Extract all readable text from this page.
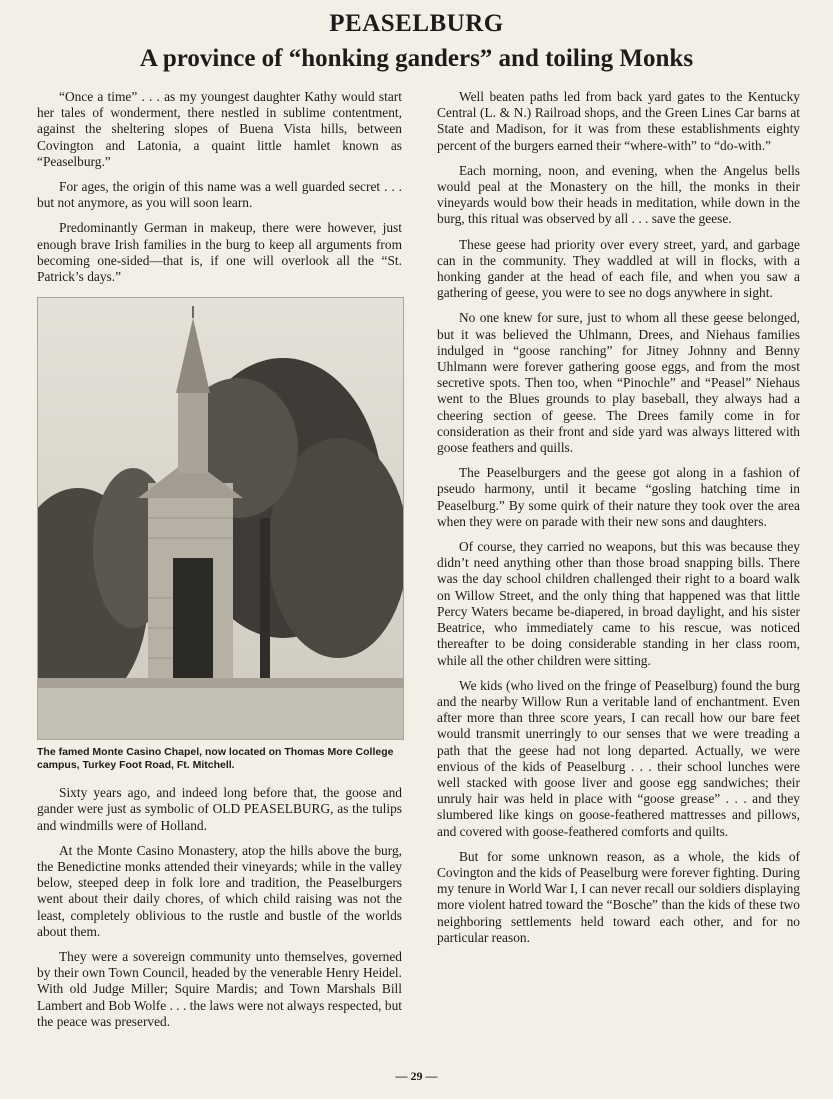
PEASELBURG
A province of “honking ganders” and toiling Monks

“Once a time” . . . as my youngest daughter Kathy would start her tales of wonderment, there nestled in sublime contentment, against the sheltering slopes of Buena Vista hills, between Covington and Latonia, a quaint little hamlet known as “Peaselburg.”

For ages, the origin of this name was a well guarded secret . . . but not anymore, as you will soon learn.

Predominantly German in makeup, there were however, just enough brave Irish families in the burg to keep all arguments from becoming one-sided—that is, if one will overlook all the “St. Patrick’s days.”

The famed Monte Casino Chapel, now located on Thomas More College campus, Turkey Foot Road, Ft. Mitchell.

Sixty years ago, and indeed long before that, the goose and gander were just as symbolic of OLD PEASELBURG, as the tulips and windmills were of Holland.

At the Monte Casino Monastery, atop the hills above the burg, the Benedictine monks attended their vineyards; while in the valley below, steeped deep in folk lore and tradition, the Peaselburgers went about their daily chores, of which child raising was not the least, completely oblivious to the rustle and bustle of the worlds about them.

They were a sovereign community unto themselves, governed by their own Town Council, headed by the venerable Henry Heidel. With old Judge Miller; Squire Mardis; and Town Marshals Bill Lambert and Bob Wolfe . . . the laws were not always respected, but the peace was preserved.

Well beaten paths led from back yard gates to the Kentucky Central (L. & N.) Railroad shops, and the Green Lines Car barns at State and Madison, for it was from these establishments eighty percent of the burgers earned their “where-with” to “do-with.”

Each morning, noon, and evening, when the Angelus bells would peal at the Monastery on the hill, the monks in their vineyards would bow their heads in meditation, while down in the burg, this ritual was observed by all . . . save the geese.

These geese had priority over every street, yard, and garbage can in the community. They waddled at will in flocks, with a honking gander at the head of each file, and when you saw a gathering of geese, you were to see no dogs anywhere in sight.

No one knew for sure, just to whom all these geese belonged, but it was believed the Uhlmann, Drees, and Niehaus families indulged in “goose ranching” for Jitney Johnny and Benny Uhlmann were forever gathering goose eggs, and from the most secretive spots. Then too, when “Pinochle” and “Peasel” Niehaus went to the Blues grounds to play baseball, they always had a cheering section of geese. The Drees family come in for consideration as their front and side yard was always littered with goose feathers and quills.

The Peaselburgers and the geese got along in a fashion of pseudo harmony, until it became “gosling hatching time in Peaselburg.” By some quirk of their nature they took over the area when they were on parade with their new sons and daughters.

Of course, they carried no weapons, but this was because they didn’t need anything other than those broad snapping bills. There was the day school children challenged their right to a board walk on Willow Street, and the only thing that happened was that little Percy Waters became be-diapered, in broad daylight, and his sister Beatrice, who immediately came to his rescue, was noticed thereafter to be doing considerable standing in her class room, while all the other children were sitting.

We kids (who lived on the fringe of Peaselburg) found the burg and the nearby Willow Run a veritable land of enchantment. Even after more than three score years, I can recall how our bare feet would transmit unerringly to our senses that we were treading a path that the geese had not long departed. Actually, we were envious of the kids of Peaselburg . . . their school lunches were well stacked with goose liver and goose egg sandwiches; their unruly hair was held in place with “goose grease” . . . and they slumbered like kings on goose-feathered mattresses and pillows, and covered with goose-feathered comforts and quilts.

But for some unknown reason, as a whole, the kids of Covington and the kids of Peaselburg were forever fighting. During my tenure in World War I, I can never recall our soldiers displaying more violent hatred toward the “Bosche” than the kids of these two neighboring settlements held toward each other, and for no particular reason.

— 29 —
